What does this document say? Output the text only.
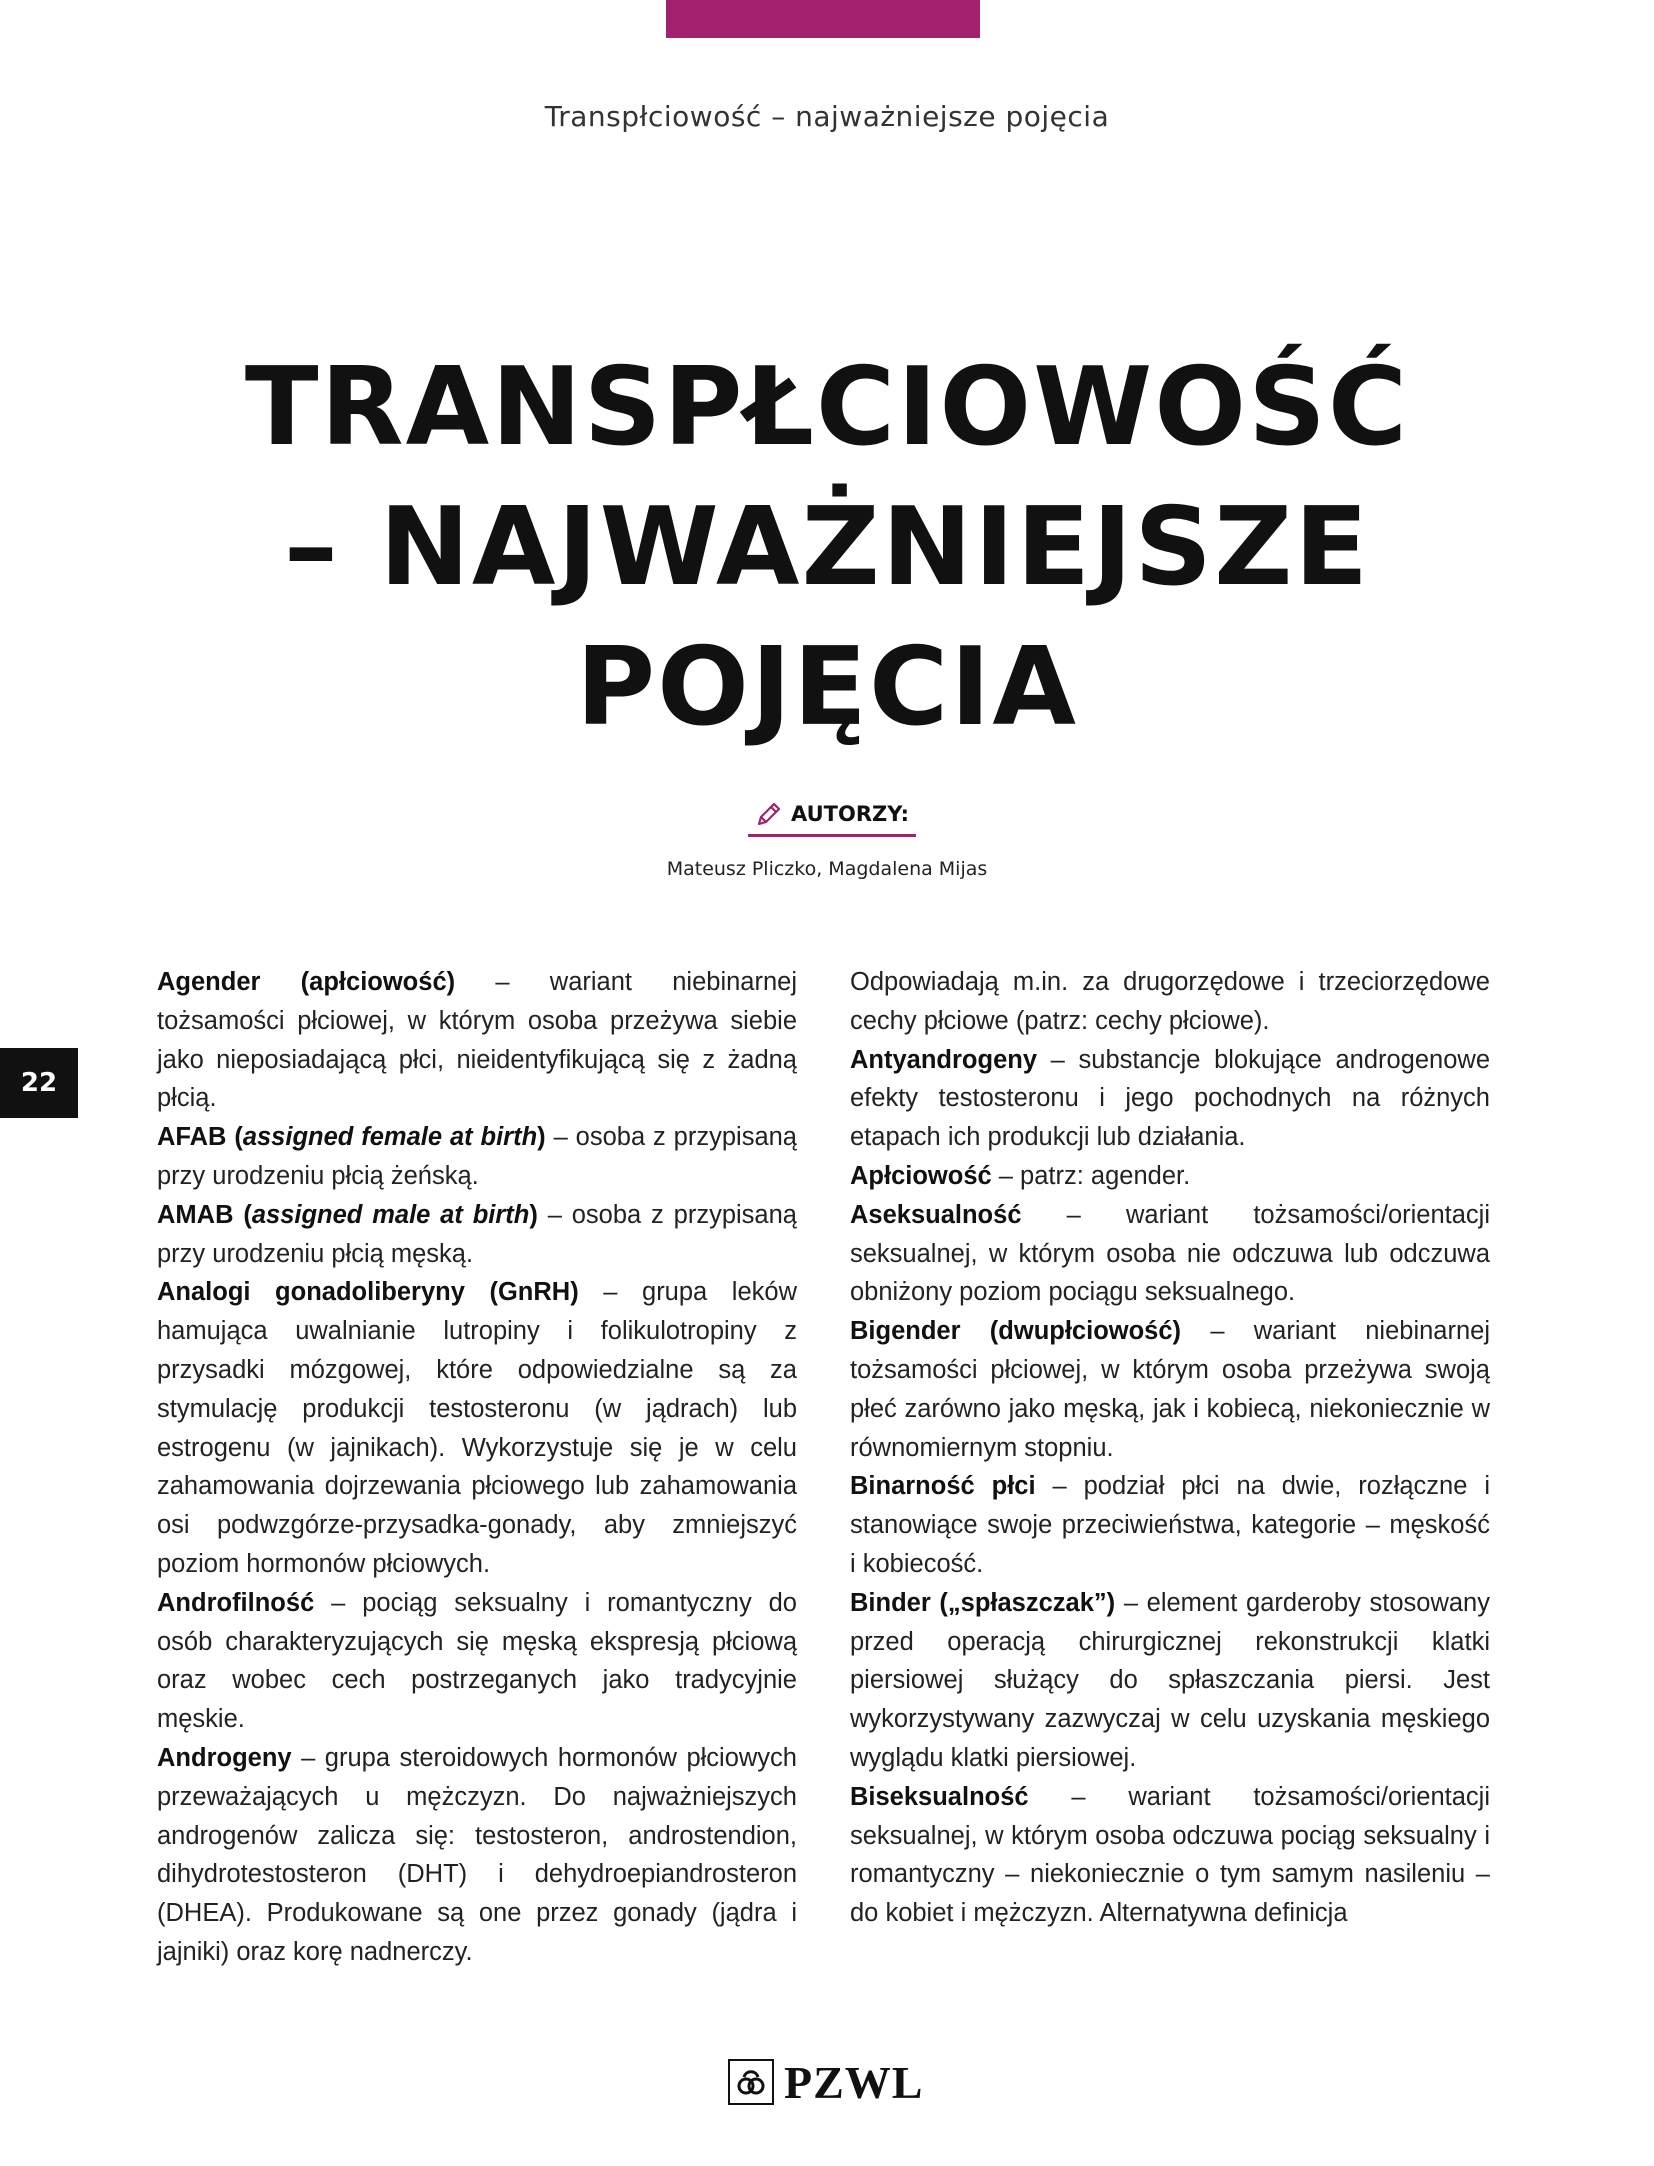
Transpłciowość – najważniejsze pojęcia
TRANSPŁCIOWOŚĆ
– NAJWAŻNIEJSZE
POJĘCIA
AUTORZY:
Mateusz Pliczko, Magdalena Mijas
22

Agender (apłciowość) – wariant niebinarnej tożsamości płciowej, w którym osoba przeżywa siebie jako nieposiadającą płci, nieidentyfikującą się z żadną płcią.

AFAB (assigned female at birth) – osoba z przypisaną przy urodzeniu płcią żeńską.

AMAB (assigned male at birth) – osoba z przypisaną przy urodzeniu płcią męską.

Analogi gonadoliberyny (GnRH) – grupa leków hamująca uwalnianie lutropiny i folikulotropiny z przysadki mózgowej, które odpowiedzialne są za stymulację produkcji testosteronu (w jądrach) lub estrogenu (w jajnikach). Wykorzystuje się je w celu zahamowania dojrzewania płciowego lub zahamowania osi podwzgórze-przysadka-gonady, aby zmniejszyć poziom hormonów płciowych.

Androfilność – pociąg seksualny i romantyczny do osób charakteryzujących się męską ekspresją płciową oraz wobec cech postrzeganych jako tradycyjnie męskie.

Androgeny – grupa steroidowych hormonów płciowych przeważających u mężczyzn. Do najważniejszych androgenów zalicza się: testosteron, androstendion, dihydrotestosteron (DHT) i dehydroepiandrosteron (DHEA). Produkowane są one przez gonady (jądra i jajniki) oraz korę nadnerczy.

Odpowiadają m.in. za drugorzędowe i trzeciorzędowe cechy płciowe (patrz: cechy płciowe).

Antyandrogeny – substancje blokujące androgenowe efekty testosteronu i jego pochodnych na różnych etapach ich produkcji lub działania.

Apłciowość – patrz: agender.

Aseksualność – wariant tożsamości/orientacji seksualnej, w którym osoba nie odczuwa lub odczuwa obniżony poziom pociągu seksualnego.

Bigender (dwupłciowość) – wariant niebinarnej tożsamości płciowej, w którym osoba przeżywa swoją płeć zarówno jako męską, jak i kobiecą, niekoniecznie w równomiernym stopniu.

Binarność płci – podział płci na dwie, rozłączne i stanowiące swoje przeciwieństwa, kategorie – męskość i kobiecość.

Binder („spłaszczak”) – element garderoby stosowany przed operacją chirurgicznej rekonstrukcji klatki piersiowej służący do spłaszczania piersi. Jest wykorzystywany zazwyczaj w celu uzyskania męskiego wyglądu klatki piersiowej.

Biseksualność – wariant tożsamości/orientacji seksualnej, w którym osoba odczuwa pociąg seksualny i romantyczny – niekoniecznie o tym samym nasileniu – do kobiet i mężczyzn. Alternatywna definicja

PZWL
